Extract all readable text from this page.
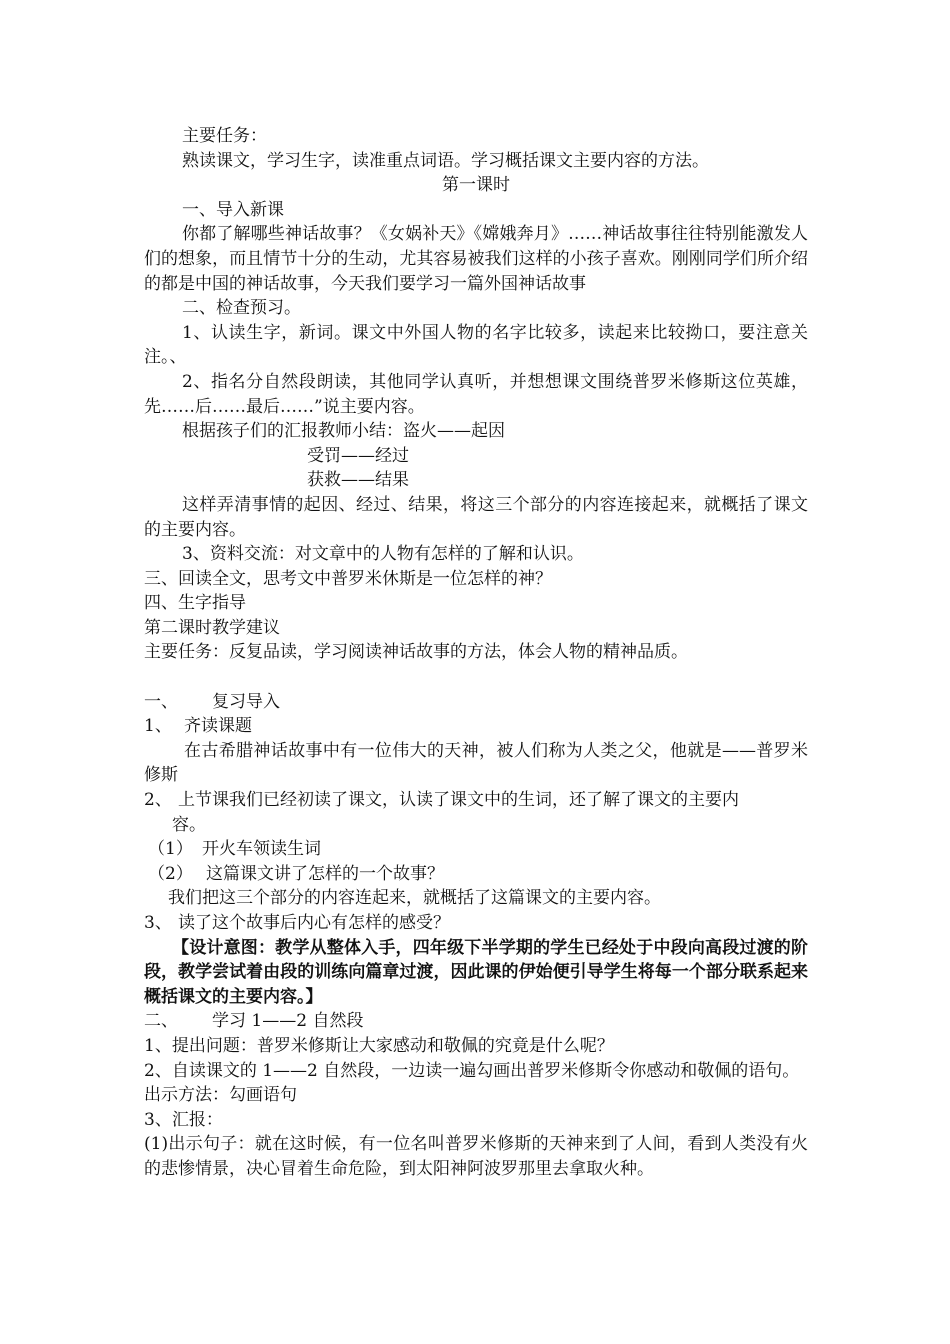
主要任务：

熟读课文，学习生字，读准重点词语。学习概括课文主要内容的方法。

第一课时

一、导入新课

你都了解哪些神话故事？《女娲补天》《嫦娥奔月》……神话故事往往特别能激发人们的想象，而且情节十分的生动，尤其容易被我们这样的小孩子喜欢。刚刚同学们所介绍的都是中国的神话故事，今天我们要学习一篇外国神话故事

二、检查预习。

1、认读生字，新词。课文中外国人物的名字比较多，读起来比较拗口，要注意关注。、

2、指名分自然段朗读，其他同学认真听，并想想课文围绕普罗米修斯这位英雄，先……后……最后……”说主要内容。

根据孩子们的汇报教师小结：盗火——起因

受罚——经过

获救——结果

这样弄清事情的起因、经过、结果，将这三个部分的内容连接起来，就概括了课文的主要内容。

3、资料交流：对文章中的人物有怎样的了解和认识。

三、回读全文，思考文中普罗米休斯是一位怎样的神？

四、生字指导

第二课时教学建议

主要任务：反复品读，学习阅读神话故事的方法，体会人物的精神品质。

一、 复习导入

1、 齐读课题

在古希腊神话故事中有一位伟大的天神，被人们称为人类之父，他就是——普罗米修斯

2、 上节课我们已经初读了课文，认读了课文中的生词，还了解了课文的主要内
容。

（1） 开火车领读生词

（2） 这篇课文讲了怎样的一个故事？

我们把这三个部分的内容连起来，就概括了这篇课文的主要内容。

3、 读了这个故事后内心有怎样的感受？

【设计意图：教学从整体入手，四年级下半学期的学生已经处于中段向高段过渡的阶段，教学尝试着由段的训练向篇章过渡，因此课的伊始便引导学生将每一个部分联系起来概括课文的主要内容。】

二、 学习 1——2 自然段

1、提出问题：普罗米修斯让大家感动和敬佩的究竟是什么呢？

2、自读课文的 1——2 自然段，一边读一遍勾画出普罗米修斯令你感动和敬佩的语句。

出示方法：勾画语句

3、汇报：

(1)出示句子：就在这时候，有一位名叫普罗米修斯的天神来到了人间，看到人类没有火的悲惨情景，决心冒着生命危险，到太阳神阿波罗那里去拿取火种。
